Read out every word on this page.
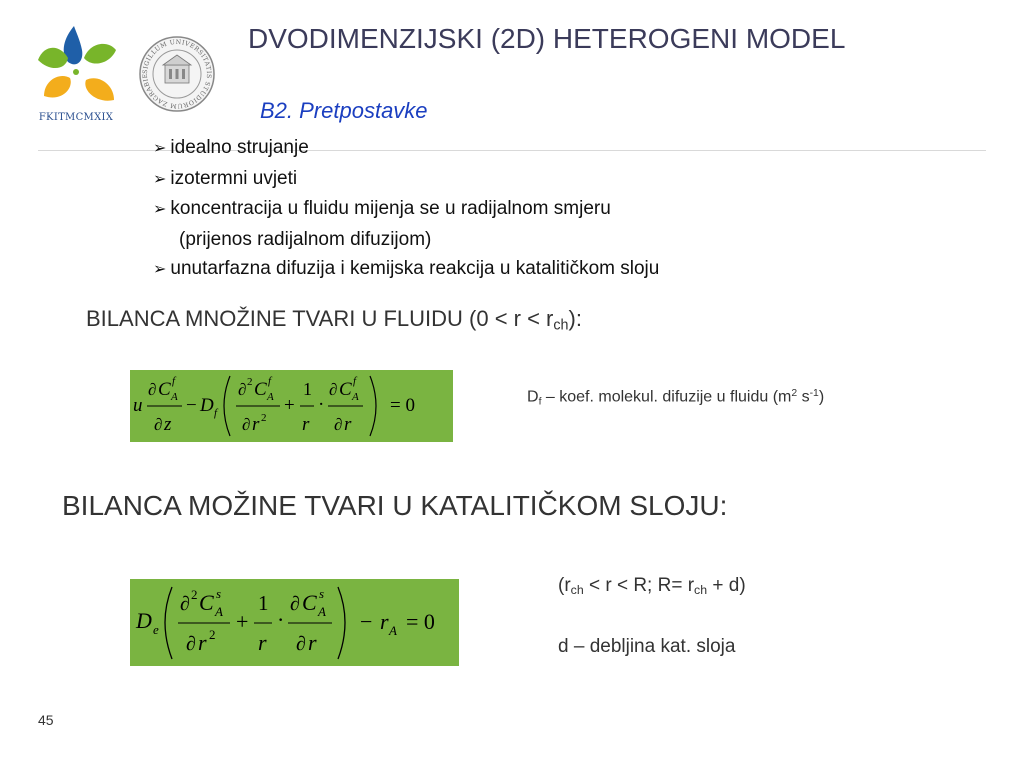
FKITMCMXIX
SIGILLUM UNIVERSITATIS STUDIORUM ZAGRABIE
DVODIMENZIJSKI (2D) HETEROGENI MODEL
B2. Pretpostavke
➢ idealno strujanje
➢ izotermni uvjeti
➢ koncentracija u fluidu mijenja se u radijalnom smjeru
(prijenos radijalnom difuzijom)
➢ unutarfazna difuzija i kemijska reakcija u katalitičkom sloju
BILANCA MNOŽINE TVARI U FLUIDU $(0 < r < r_{ch})$:
u
∂ C f
A
∂ z
− D f
∂ 2 C f
A
∂ r 2
+
1
r
·
∂ C f
A
∂ r
= 0	$D_f$ – koef. molekul. difuzije u fluidu ($m^2$ $s^{-1}$)
BILANCA MOŽINE TVARI U KATALITIČKOM SLOJU:
D e
∂ 2 C s
A
∂ r 2
+
1
r
·
∂ C s
A
∂ r
− r A = 0
($r_{ch} < r < R$; $R= r_{ch} + d$)
d – debljina kat. sloja
45
